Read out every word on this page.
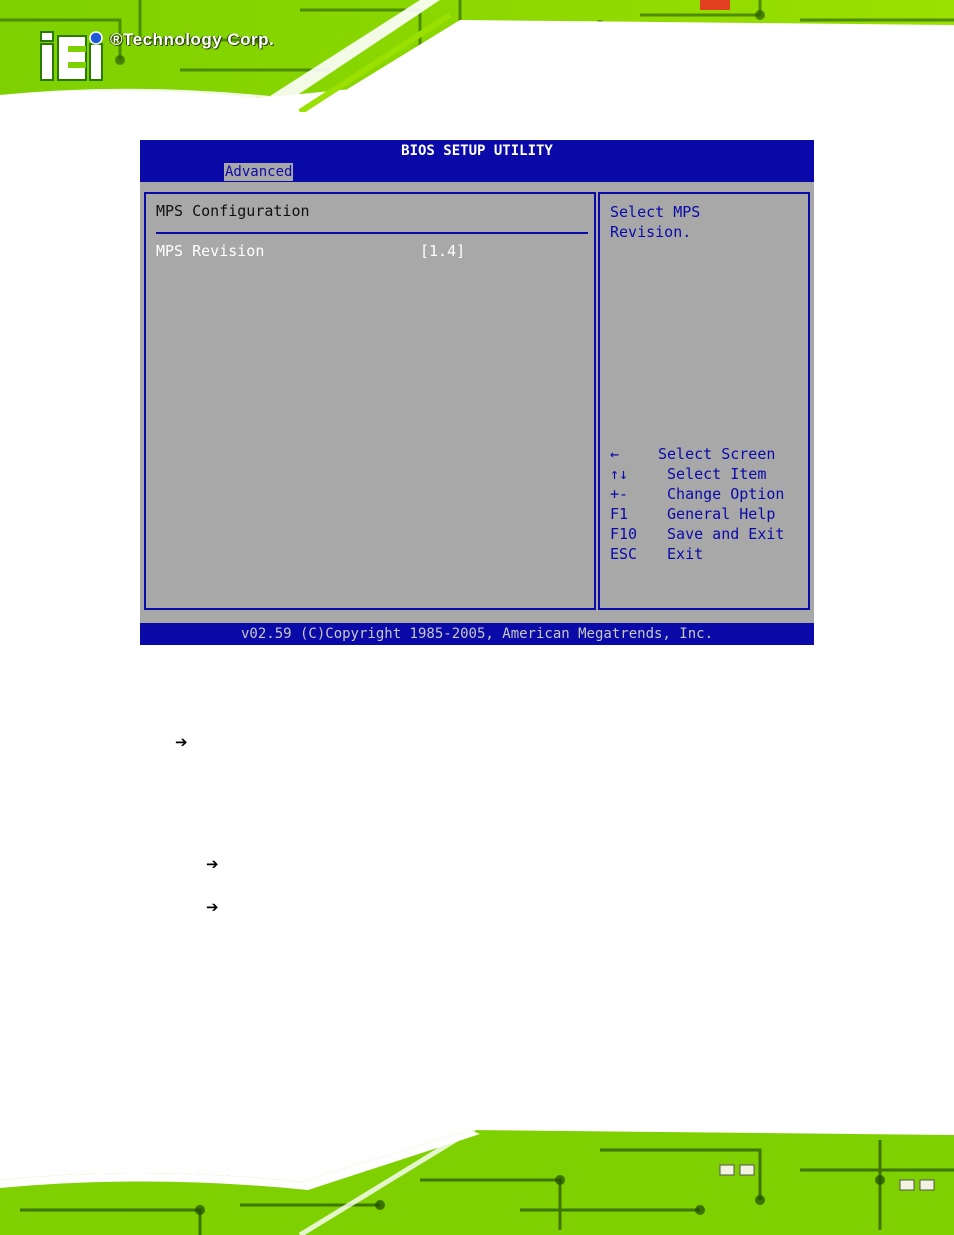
®Technology Corp.
BIOS SETUP UTILITY
Advanced
MPS Configuration
MPS Revision	[1.4]
Select MPS
Revision.
←	Select Screen
↑↓	Select Item
+-	Change Option
F1	General Help
F10	Save and Exit
ESC	Exit
v02.59 (C)Copyright 1985-2005, American Megatrends, Inc.
➔
➔
➔
